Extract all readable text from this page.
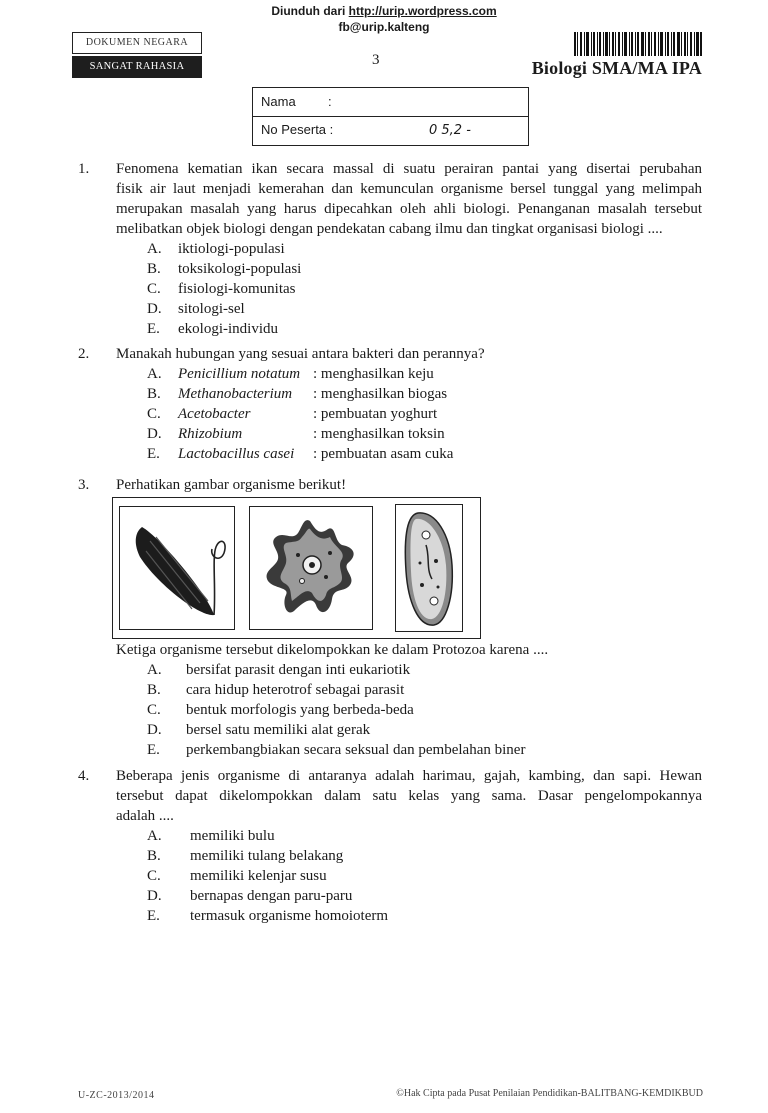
Diunduh dari http://urip.wordpress.com
fb@urip.kalteng
DOKUMEN NEGARA
SANGAT RAHASIA	3	Biologi SMA/MA IPA
Nama :
No Peserta :	0 5,2 -
1. Fenomena kematian ikan secara massal di suatu perairan pantai yang disertai perubahan
fisik air laut menjadi kemerahan dan kemunculan organisme bersel tunggal yang melimpah
merupakan masalah yang harus dipecahkan oleh ahli biologi. Penanganan masalah tersebut
melibatkan objek biologi dengan pendekatan cabang ilmu dan tingkat organisasi biologi ....
A. iktiologi-populasi
B. toksikologi-populasi
C. fisiologi-komunitas
D. sitologi-sel
E. ekologi-individu
2. Manakah hubungan yang sesuai antara bakteri dan perannya?
A. Penicillium notatum : menghasilkan keju
B. Methanobacterium : menghasilkan biogas
C. Acetobacter	: pembuatan yoghurt
D. Rhizobium	: menghasilkan toksin
E. Lactobacillus casei : pembuatan asam cuka
3. Perhatikan gambar organisme berikut!
Ketiga organisme tersebut dikelompokkan ke dalam Protozoa karena ....
A. bersifat parasit dengan inti eukariotik
B. cara hidup heterotrof sebagai parasit
C. bentuk morfologis yang berbeda-beda
D. bersel satu memiliki alat gerak
E. perkembangbiakan secara seksual dan pembelahan biner
4. Beberapa jenis organisme di antaranya adalah harimau, gajah, kambing, dan sapi. Hewan
tersebut dapat dikelompokkan dalam satu kelas yang sama. Dasar pengelompokannya
adalah ....
A. memiliki bulu
B. memiliki tulang belakang
C. memiliki kelenjar susu
D. bernapas dengan paru-paru
E. termasuk organisme homoioterm
U-ZC-2013/2014	©Hak Cipta pada Pusat Penilaian Pendidikan-BALITBANG-KEMDIKBUD
